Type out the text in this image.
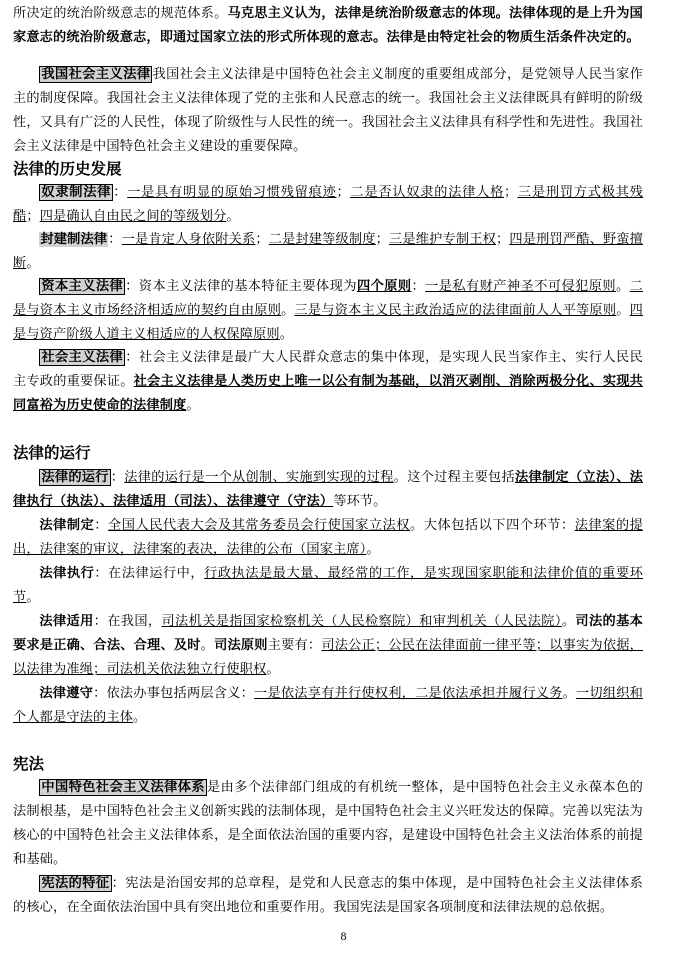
所决定的统治阶级意志的规范体系。马克思主义认为，法律是统治阶级意志的体现。法律体现的是上升为国家意志的统治阶级意志，即通过国家立法的形式所体现的意志。法律是由特定社会的物质生活条件决定的。

我国社会主义法律 我国社会主义法律是中国特色社会主义制度的重要组成部分，是党领导人民当家作主的制度保障。我国社会主义法律体现了党的主张和人民意志的统一。我国社会主义法律既具有鲜明的阶级性，又具有广泛的人民性，体现了阶级性与人民性的统一。我国社会主义法律具有科学性和先进性。我国社会主义法律是中国特色社会主义建设的重要保障。

法律的历史发展

奴隶制法律 ：一是具有明显的原始习惯残留痕迹；二是否认奴隶的法律人格；三是刑罚方式极其残酷；四是确认自由民之间的等级划分。

封建制法律：一是肯定人身依附关系；二是封建等级制度；三是维护专制王权；四是刑罚严酷、野蛮擅断。

资本主义法律 ：资本主义法律的基本特征主要体现为四个原则：一是私有财产神圣不可侵犯原则。二是与资本主义市场经济相适应的契约自由原则。三是与资本主义民主政治适应的法律面前人人平等原则。四是与资产阶级人道主义相适应的人权保障原则。

社会主义法律 ：社会主义法律是最广大人民群众意志的集中体现，是实现人民当家作主、实行人民民主专政的重要保证。社会主义法律是人类历史上唯一以公有制为基础，以消灭剥削、消除两极分化、实现共同富裕为历史使命的法律制度。

法律的运行

法律的运行 ：法律的运行是一个从创制、实施到实现的过程。这个过程主要包括法律制定（立法）、法律执行（执法）、法律适用（司法）、法律遵守（守法）等环节。

法律制定：全国人民代表大会及其常务委员会行使国家立法权。大体包括以下四个环节：法律案的提出，法律案的审议，法律案的表决，法律的公布（国家主席）。

法律执行：在法律运行中，行政执法是最大量、最经常的工作，是实现国家职能和法律价值的重要环节。

法律适用：在我国，司法机关是指国家检察机关（人民检察院）和审判机关（人民法院）。司法的基本要求是正确、合法、合理、及时。司法原则主要有：司法公正；公民在法律面前一律平等；以事实为依据，以法律为准绳；司法机关依法独立行使职权。

法律遵守：依法办事包括两层含义：一是依法享有并行使权利，二是依法承担并履行义务。一切组织和个人都是守法的主体。

宪法

中国特色社会主义法律体系 是由多个法律部门组成的有机统一整体，是中国特色社会主义永葆本色的法制根基，是中国特色社会主义创新实践的法制体现，是中国特色社会主义兴旺发达的保障。完善以宪法为核心的中国特色社会主义法律体系，是全面依法治国的重要内容，是建设中国特色社会主义法治体系的前提和基础。

宪法的特征 ：宪法是治国安邦的总章程，是党和人民意志的集中体现，是中国特色社会主义法律体系的核心，在全面依法治国中具有突出地位和重要作用。我国宪法是国家各项制度和法律法规的总依据。

8
